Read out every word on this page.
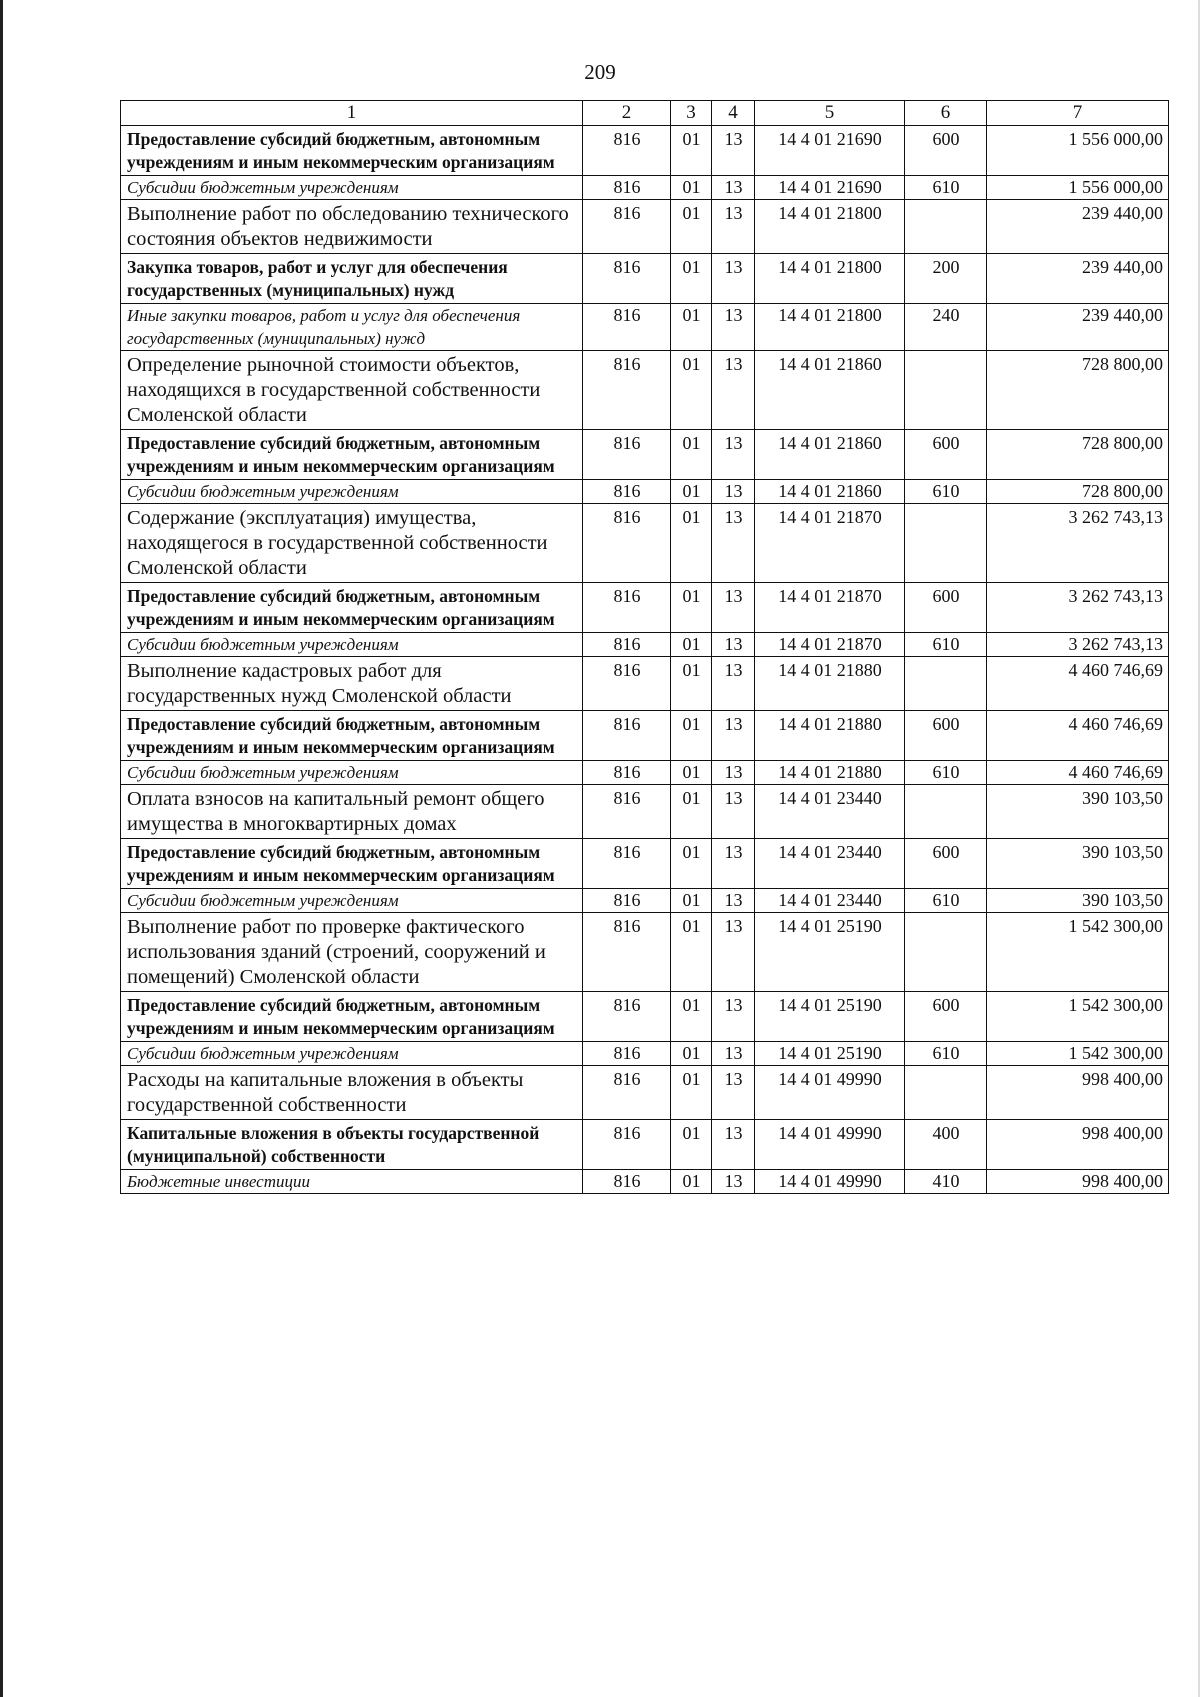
209
1	2	3	4	5	6	7
Предоставление субсидий бюджетным, автономным учреждениям и иным некоммерческим организациям	816	01	13	14 4 01 21690	600	1 556 000,00
Субсидии бюджетным учреждениям	816	01	13	14 4 01 21690	610	1 556 000,00
Выполнение работ по обследованию технического состояния объектов недвижимости	816	01	13	14 4 01 21800		239 440,00
Закупка товаров, работ и услуг для обеспечения государственных (муниципальных) нужд	816	01	13	14 4 01 21800	200	239 440,00
Иные закупки товаров, работ и услуг для обеспечения государственных (муниципальных) нужд	816	01	13	14 4 01 21800	240	239 440,00
Определение рыночной стоимости объектов, находящихся в государственной собственности Смоленской области	816	01	13	14 4 01 21860		728 800,00
Предоставление субсидий бюджетным, автономным учреждениям и иным некоммерческим организациям	816	01	13	14 4 01 21860	600	728 800,00
Субсидии бюджетным учреждениям	816	01	13	14 4 01 21860	610	728 800,00
Содержание (эксплуатация) имущества, находящегося в государственной собственности Смоленской области	816	01	13	14 4 01 21870		3 262 743,13
Предоставление субсидий бюджетным, автономным учреждениям и иным некоммерческим организациям	816	01	13	14 4 01 21870	600	3 262 743,13
Субсидии бюджетным учреждениям	816	01	13	14 4 01 21870	610	3 262 743,13
Выполнение кадастровых работ для государственных нужд Смоленской области	816	01	13	14 4 01 21880		4 460 746,69
Предоставление субсидий бюджетным, автономным учреждениям и иным некоммерческим организациям	816	01	13	14 4 01 21880	600	4 460 746,69
Субсидии бюджетным учреждениям	816	01	13	14 4 01 21880	610	4 460 746,69
Оплата взносов на капитальный ремонт общего имущества в многоквартирных домах	816	01	13	14 4 01 23440		390 103,50
Предоставление субсидий бюджетным, автономным учреждениям и иным некоммерческим организациям	816	01	13	14 4 01 23440	600	390 103,50
Субсидии бюджетным учреждениям	816	01	13	14 4 01 23440	610	390 103,50
Выполнение работ по проверке фактического использования зданий (строений, сооружений и помещений) Смоленской области	816	01	13	14 4 01 25190		1 542 300,00
Предоставление субсидий бюджетным, автономным учреждениям и иным некоммерческим организациям	816	01	13	14 4 01 25190	600	1 542 300,00
Субсидии бюджетным учреждениям	816	01	13	14 4 01 25190	610	1 542 300,00
Расходы на капитальные вложения в объекты государственной собственности	816	01	13	14 4 01 49990		998 400,00
Капитальные вложения в объекты государственной (муниципальной) собственности	816	01	13	14 4 01 49990	400	998 400,00
Бюджетные инвестиции	816	01	13	14 4 01 49990	410	998 400,00
